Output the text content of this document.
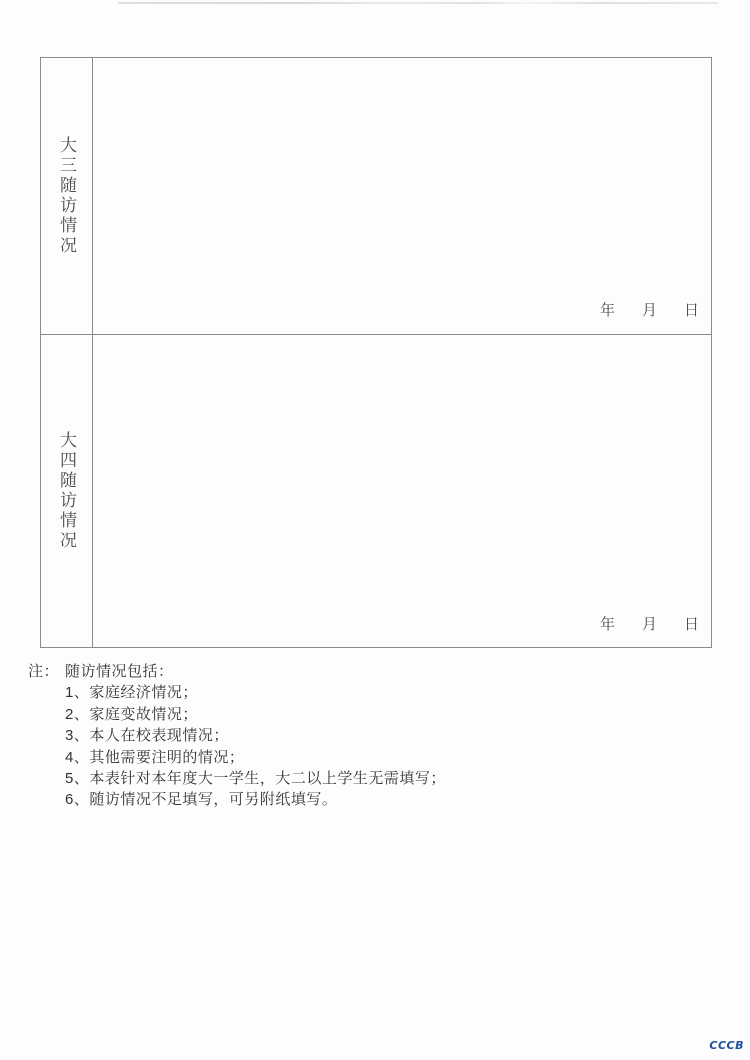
大三随访情况
年 月 日
大四随访情况
年 月 日
注： 随访情况包括：
1、家庭经济情况；
2、家庭变故情况；
3、本人在校表现情况；
4、其他需要注明的情况；
5、本表针对本年度大一学生，大二以上学生无需填写；
6、随访情况不足填写，可另附纸填写。
CCCB
